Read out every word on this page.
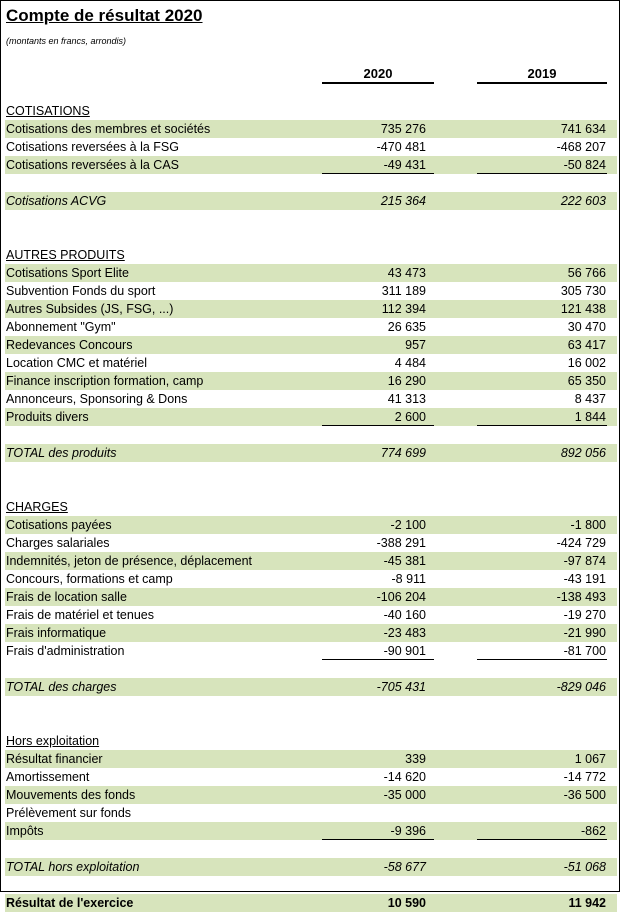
Compte de résultat 2020
(montants en francs, arrondis)
2020	2019
COTISATIONS
Cotisations des membres et sociétés	735 276	741 634
Cotisations reversées à la FSG	-470 481	-468 207
Cotisations reversées à la CAS	-49 431	-50 824
Cotisations ACVG	215 364	222 603
AUTRES PRODUITS
Cotisations Sport Elite	43 473	56 766
Subvention Fonds du sport	311 189	305 730
Autres Subsides (JS, FSG, ...)	112 394	121 438
Abonnement "Gym"	26 635	30 470
Redevances Concours	957	63 417
Location CMC et matériel	4 484	16 002
Finance inscription formation, camp	16 290	65 350
Annonceurs, Sponsoring & Dons	41 313	8 437
Produits divers	2 600	1 844
TOTAL des produits	774 699	892 056
CHARGES
Cotisations payées	-2 100	-1 800
Charges salariales	-388 291	-424 729
Indemnités, jeton de présence, déplacement	-45 381	-97 874
Concours, formations et camp	-8 911	-43 191
Frais de location salle	-106 204	-138 493
Frais de matériel et tenues	-40 160	-19 270
Frais informatique	-23 483	-21 990
Frais d'administration	-90 901	-81 700
TOTAL des charges	-705 431	-829 046
Hors exploitation
Résultat financier	339	1 067
Amortissement	-14 620	-14 772
Mouvements des fonds	-35 000	-36 500
Prélèvement sur fonds
Impôts	-9 396	-862
TOTAL hors exploitation	-58 677	-51 068
Résultat de l'exercice	10 590	11 942
